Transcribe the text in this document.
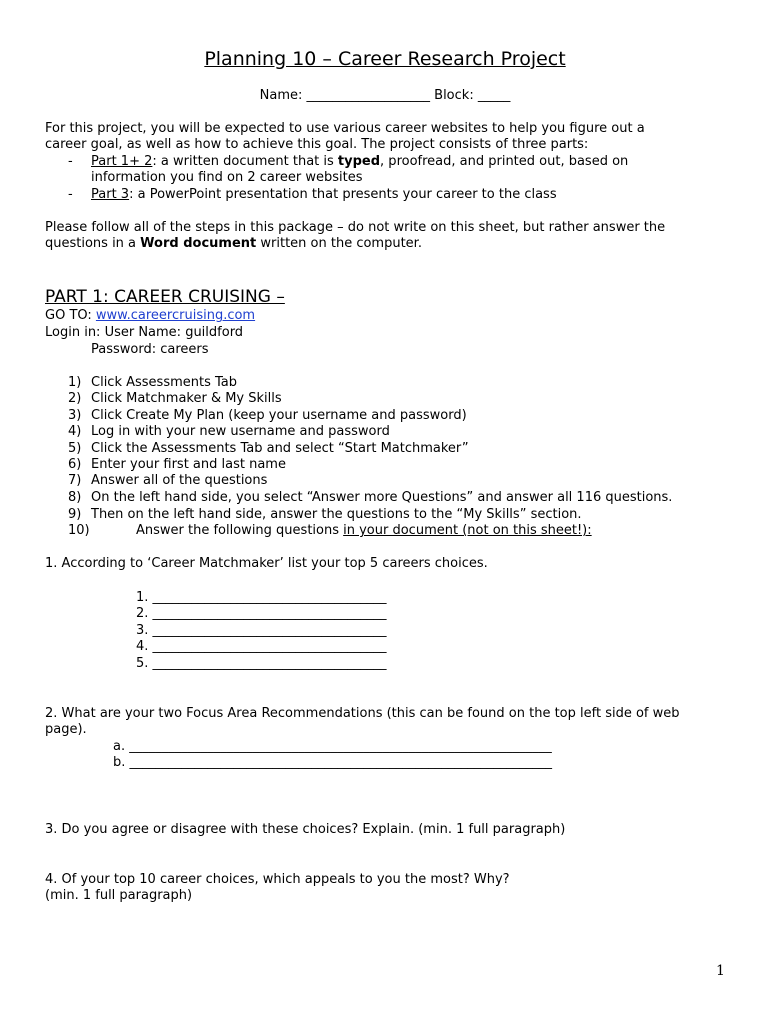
Planning 10 – Career Research Project
Name: ___________________ Block: _____
For this project, you will be expected to use various career websites to help you figure out a
career goal, as well as how to achieve this goal. The project consists of three parts:
- Part 1+ 2: a written document that is typed, proofread, and printed out, based on
information you find on 2 career websites
- Part 3: a PowerPoint presentation that presents your career to the class
Please follow all of the steps in this package – do not write on this sheet, but rather answer the
questions in a Word document written on the computer.
PART 1: CAREER CRUISING –
GO TO: www.careercruising.com
Login in: User Name: guildford
Password: careers
1) Click Assessments Tab
2) Click Matchmaker & My Skills
3) Click Create My Plan (keep your username and password)
4) Log in with your new username and password
5) Click the Assessments Tab and select “Start Matchmaker”
6) Enter your first and last name
7) Answer all of the questions
8) On the left hand side, you select “Answer more Questions” and answer all 116 questions.
9) Then on the left hand side, answer the questions to the “My Skills” section.
10)	Answer the following questions in your document (not on this sheet!):
1. According to ‘Career Matchmaker’ list your top 5 careers choices.
1. ____________________________________
2. ____________________________________
3. ____________________________________
4. ____________________________________
5. ____________________________________
2. What are your two Focus Area Recommendations (this can be found on the top left side of web
page).
a. _________________________________________________________________
b. _________________________________________________________________
3. Do you agree or disagree with these choices? Explain. (min. 1 full paragraph)
4. Of your top 10 career choices, which appeals to you the most? Why?
(min. 1 full paragraph)
1
